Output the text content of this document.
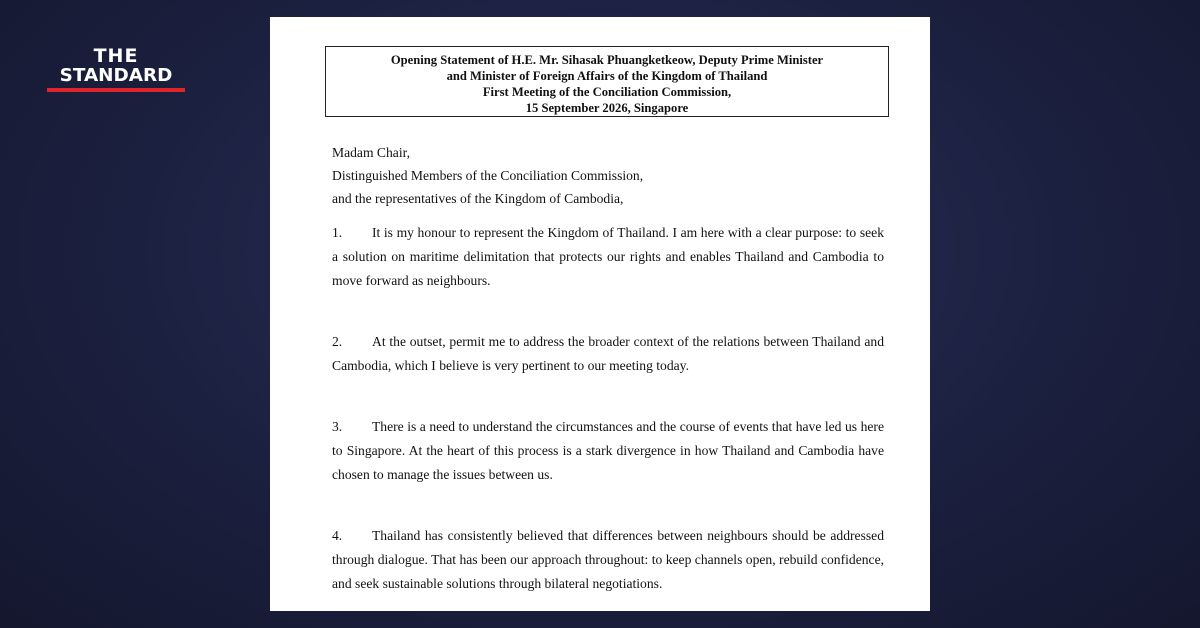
THE
STANDARD
Opening Statement of H.E. Mr. Sihasak Phuangketkeow, Deputy Prime Minister
and Minister of Foreign Affairs of the Kingdom of Thailand
First Meeting of the Conciliation Commission,
15 September 2026, Singapore
Madam Chair,
Distinguished Members of the Conciliation Commission,
and the representatives of the Kingdom of Cambodia,
1. It is my honour to represent the Kingdom of Thailand. I am here with a clear purpose: to seek a solution on maritime delimitation that protects our rights and enables Thailand and Cambodia to move forward as neighbours.
2. At the outset, permit me to address the broader context of the relations between Thailand and Cambodia, which I believe is very pertinent to our meeting today.
3. There is a need to understand the circumstances and the course of events that have led us here to Singapore. At the heart of this process is a stark divergence in how Thailand and Cambodia have chosen to manage the issues between us.
4. Thailand has consistently believed that differences between neighbours should be addressed through dialogue. That has been our approach throughout: to keep channels open, rebuild confidence, and seek sustainable solutions through bilateral negotiations.
